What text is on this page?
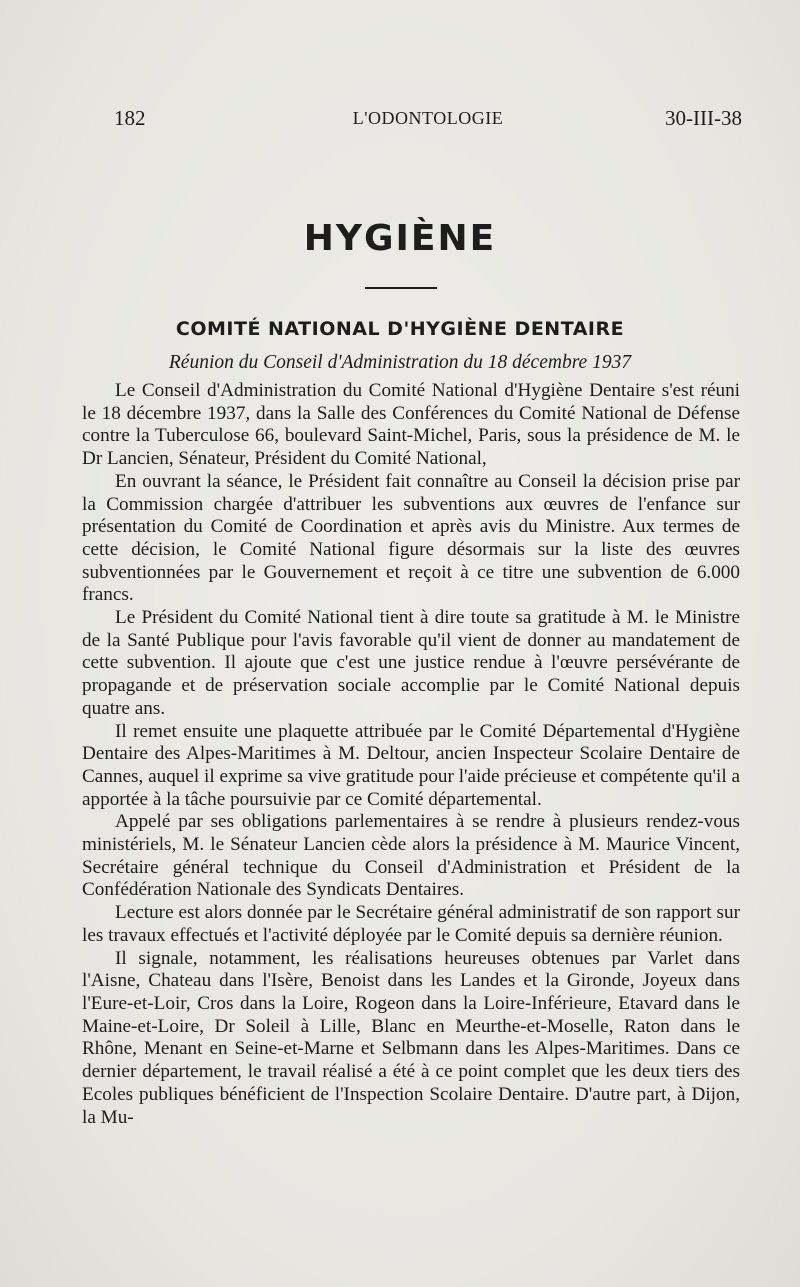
182	L'ODONTOLOGIE	30-III-38
HYGIÈNE
COMITÉ NATIONAL D'HYGIÈNE DENTAIRE
Réunion du Conseil d'Administration du 18 décembre 1937

Le Conseil d'Administration du Comité National d'Hygiène Dentaire s'est réuni le 18 décembre 1937, dans la Salle des Conférences du Comité National de Défense contre la Tuberculose 66, boulevard Saint-Michel, Paris, sous la présidence de M. le Dr Lancien, Sénateur, Président du Comité National,

En ouvrant la séance, le Président fait connaître au Conseil la décision prise par la Commission chargée d'attribuer les subventions aux œuvres de l'enfance sur présentation du Comité de Coordination et après avis du Ministre. Aux termes de cette décision, le Comité National figure désormais sur la liste des œuvres subventionnées par le Gouvernement et reçoit à ce titre une subvention de 6.000 francs.

Le Président du Comité National tient à dire toute sa gratitude à M. le Ministre de la Santé Publique pour l'avis favorable qu'il vient de donner au mandatement de cette subvention. Il ajoute que c'est une justice rendue à l'œuvre persévérante de propagande et de préservation sociale accomplie par le Comité National depuis quatre ans.

Il remet ensuite une plaquette attribuée par le Comité Départemental d'Hygiène Dentaire des Alpes-Maritimes à M. Deltour, ancien Inspecteur Scolaire Dentaire de Cannes, auquel il exprime sa vive gratitude pour l'aide précieuse et compétente qu'il a apportée à la tâche poursuivie par ce Comité départemental.

Appelé par ses obligations parlementaires à se rendre à plusieurs rendez-vous ministériels, M. le Sénateur Lancien cède alors la présidence à M. Maurice Vincent, Secrétaire général technique du Conseil d'Administration et Président de la Confédération Nationale des Syndicats Dentaires.

Lecture est alors donnée par le Secrétaire général administratif de son rapport sur les travaux effectués et l'activité déployée par le Comité depuis sa dernière réunion.

Il signale, notamment, les réalisations heureuses obtenues par Varlet dans l'Aisne, Chateau dans l'Isère, Benoist dans les Landes et la Gironde, Joyeux dans l'Eure-et-Loir, Cros dans la Loire, Rogeon dans la Loire-Inférieure, Etavard dans le Maine-et-Loire, Dr Soleil à Lille, Blanc en Meurthe-et-Moselle, Raton dans le Rhône, Menant en Seine-et-Marne et Selbmann dans les Alpes-Maritimes. Dans ce dernier département, le travail réalisé a été à ce point complet que les deux tiers des Ecoles publiques bénéficient de l'Inspection Scolaire Dentaire. D'autre part, à Dijon, la Mu-
